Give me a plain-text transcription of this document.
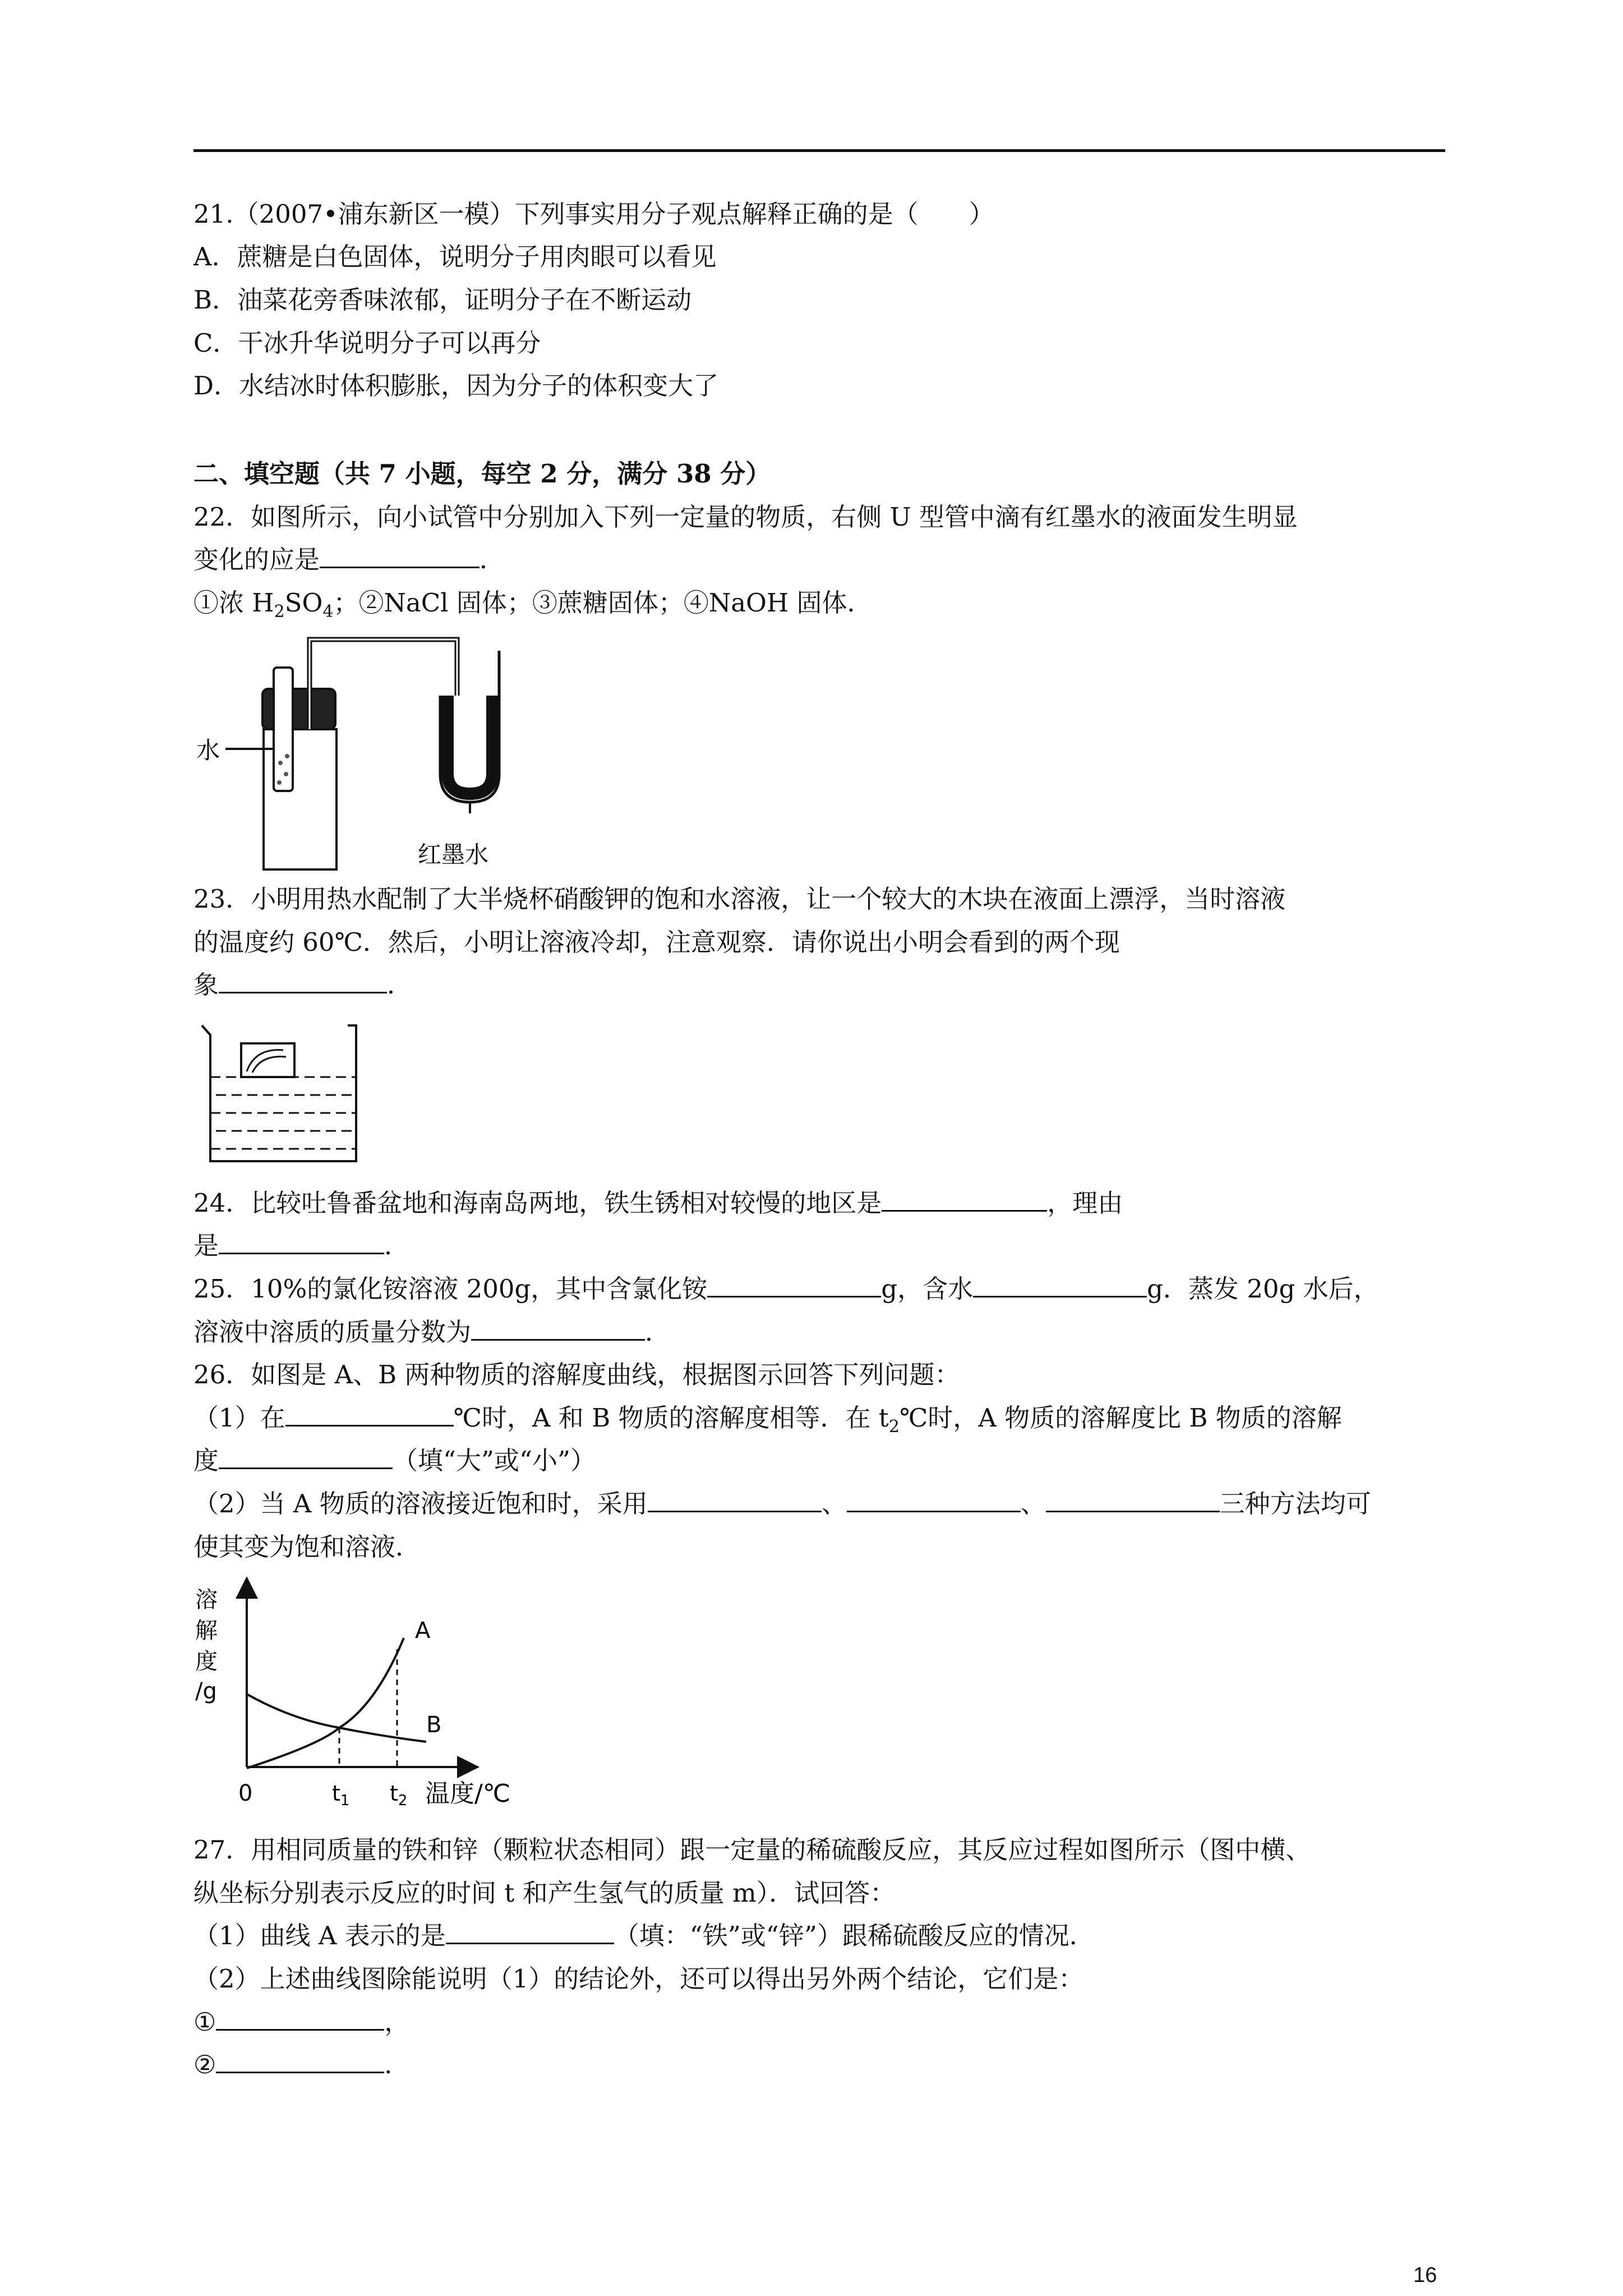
21.（2007•浦东新区一模）下列事实用分子观点解释正确的是（　　）
A．蔗糖是白色固体，说明分子用肉眼可以看见
B．油菜花旁香味浓郁，证明分子在不断运动
C．干冰升华说明分子可以再分
D．水结冰时体积膨胀，因为分子的体积变大了
二、填空题（共 7 小题，每空 2 分，满分 38 分）
22．如图所示，向小试管中分别加入下列一定量的物质，右侧 U 型管中滴有红墨水的液面发生明显
变化的应是	．
①浓 $H_2SO_4$；②NaCl 固体；③蔗糖固体；④NaOH 固体．
水
红墨水
23．小明用热水配制了大半烧杯硝酸钾的饱和水溶液，让一个较大的木块在液面上漂浮，当时溶液
的温度约 60℃．然后，小明让溶液冷却，注意观察．请你说出小明会看到的两个现
象	．
24．比较吐鲁番盆地和海南岛两地，铁生锈相对较慢的地区是	，理由
是	．
25．10%的氯化铵溶液 200g，其中含氯化铵	g，含水	g．蒸发 20g 水后，
溶液中溶质的质量分数为	．
26．如图是 A、B 两种物质的溶解度曲线，根据图示回答下列问题：
（1）在	℃时，A 和 B 物质的溶解度相等．在 $t_2℃$时，A 物质的溶解度比 B 物质的溶解
度	（填“大”或“小”）
（2）当 A 物质的溶液接近饱和时，采用	、	、	三种方法均可
使其变为饱和溶液．
溶
解
度
/g
A
B
0	$t_1$ $t_2$ 温度/℃
27．用相同质量的铁和锌（颗粒状态相同）跟一定量的稀硫酸反应，其反应过程如图所示（图中横、
纵坐标分别表示反应的时间 t 和产生氢气的质量 m）．试回答：
（1）曲线 A 表示的是	（填：“铁”或“锌”）跟稀硫酸反应的情况．
（2）上述曲线图除能说明（1）的结论外，还可以得出另外两个结论，它们是：
①	，
②	．
16
